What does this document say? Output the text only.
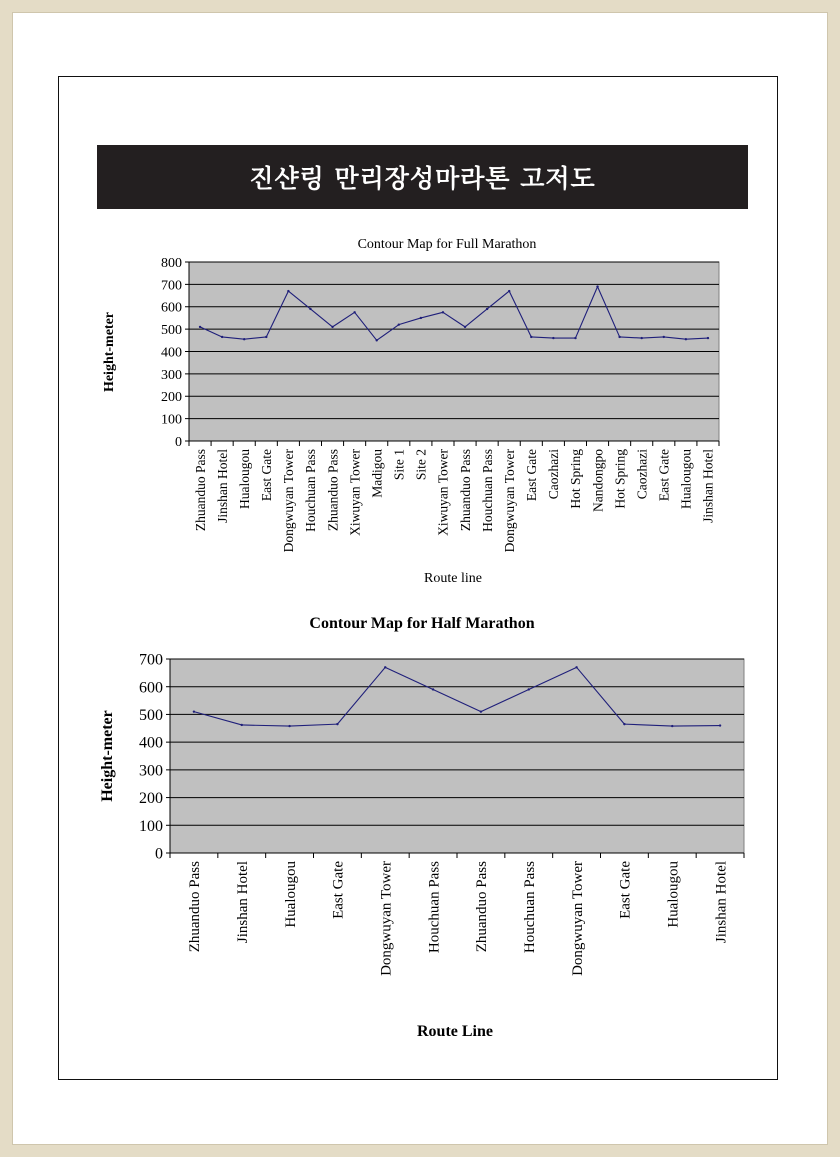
진샨링 만리장성마라톤 고저도
Contour Map for Full Marathon
0
100
200
300
400
500
600
700
800
Zhuanduo Pass Jinshan Hotel Hualougou East Gate Dongwuyan Tower Houchuan Pass Zhuanduo Pass Xiwuyan Tower Madigou Site 1 Site 2 Xiwuyan Tower Zhuanduo Pass Houchuan Pass Dongwuyan Tower East Gate Caozhazi Hot Spring Nandongpo Hot Spring Caozhazi East Gate Hualougou Jinshan Hotel
Route line
Height-meter
Contour Map for Half Marathon
0
100
200
300
400
500
600
700
Zhuanduo Pass Jinshan Hotel Hualougou East Gate Dongwuyan Tower Houchuan Pass Zhuanduo Pass Houchuan Pass Dongwuyan Tower East Gate Hualougou Jinshan Hotel
Route Line
Height-meter
